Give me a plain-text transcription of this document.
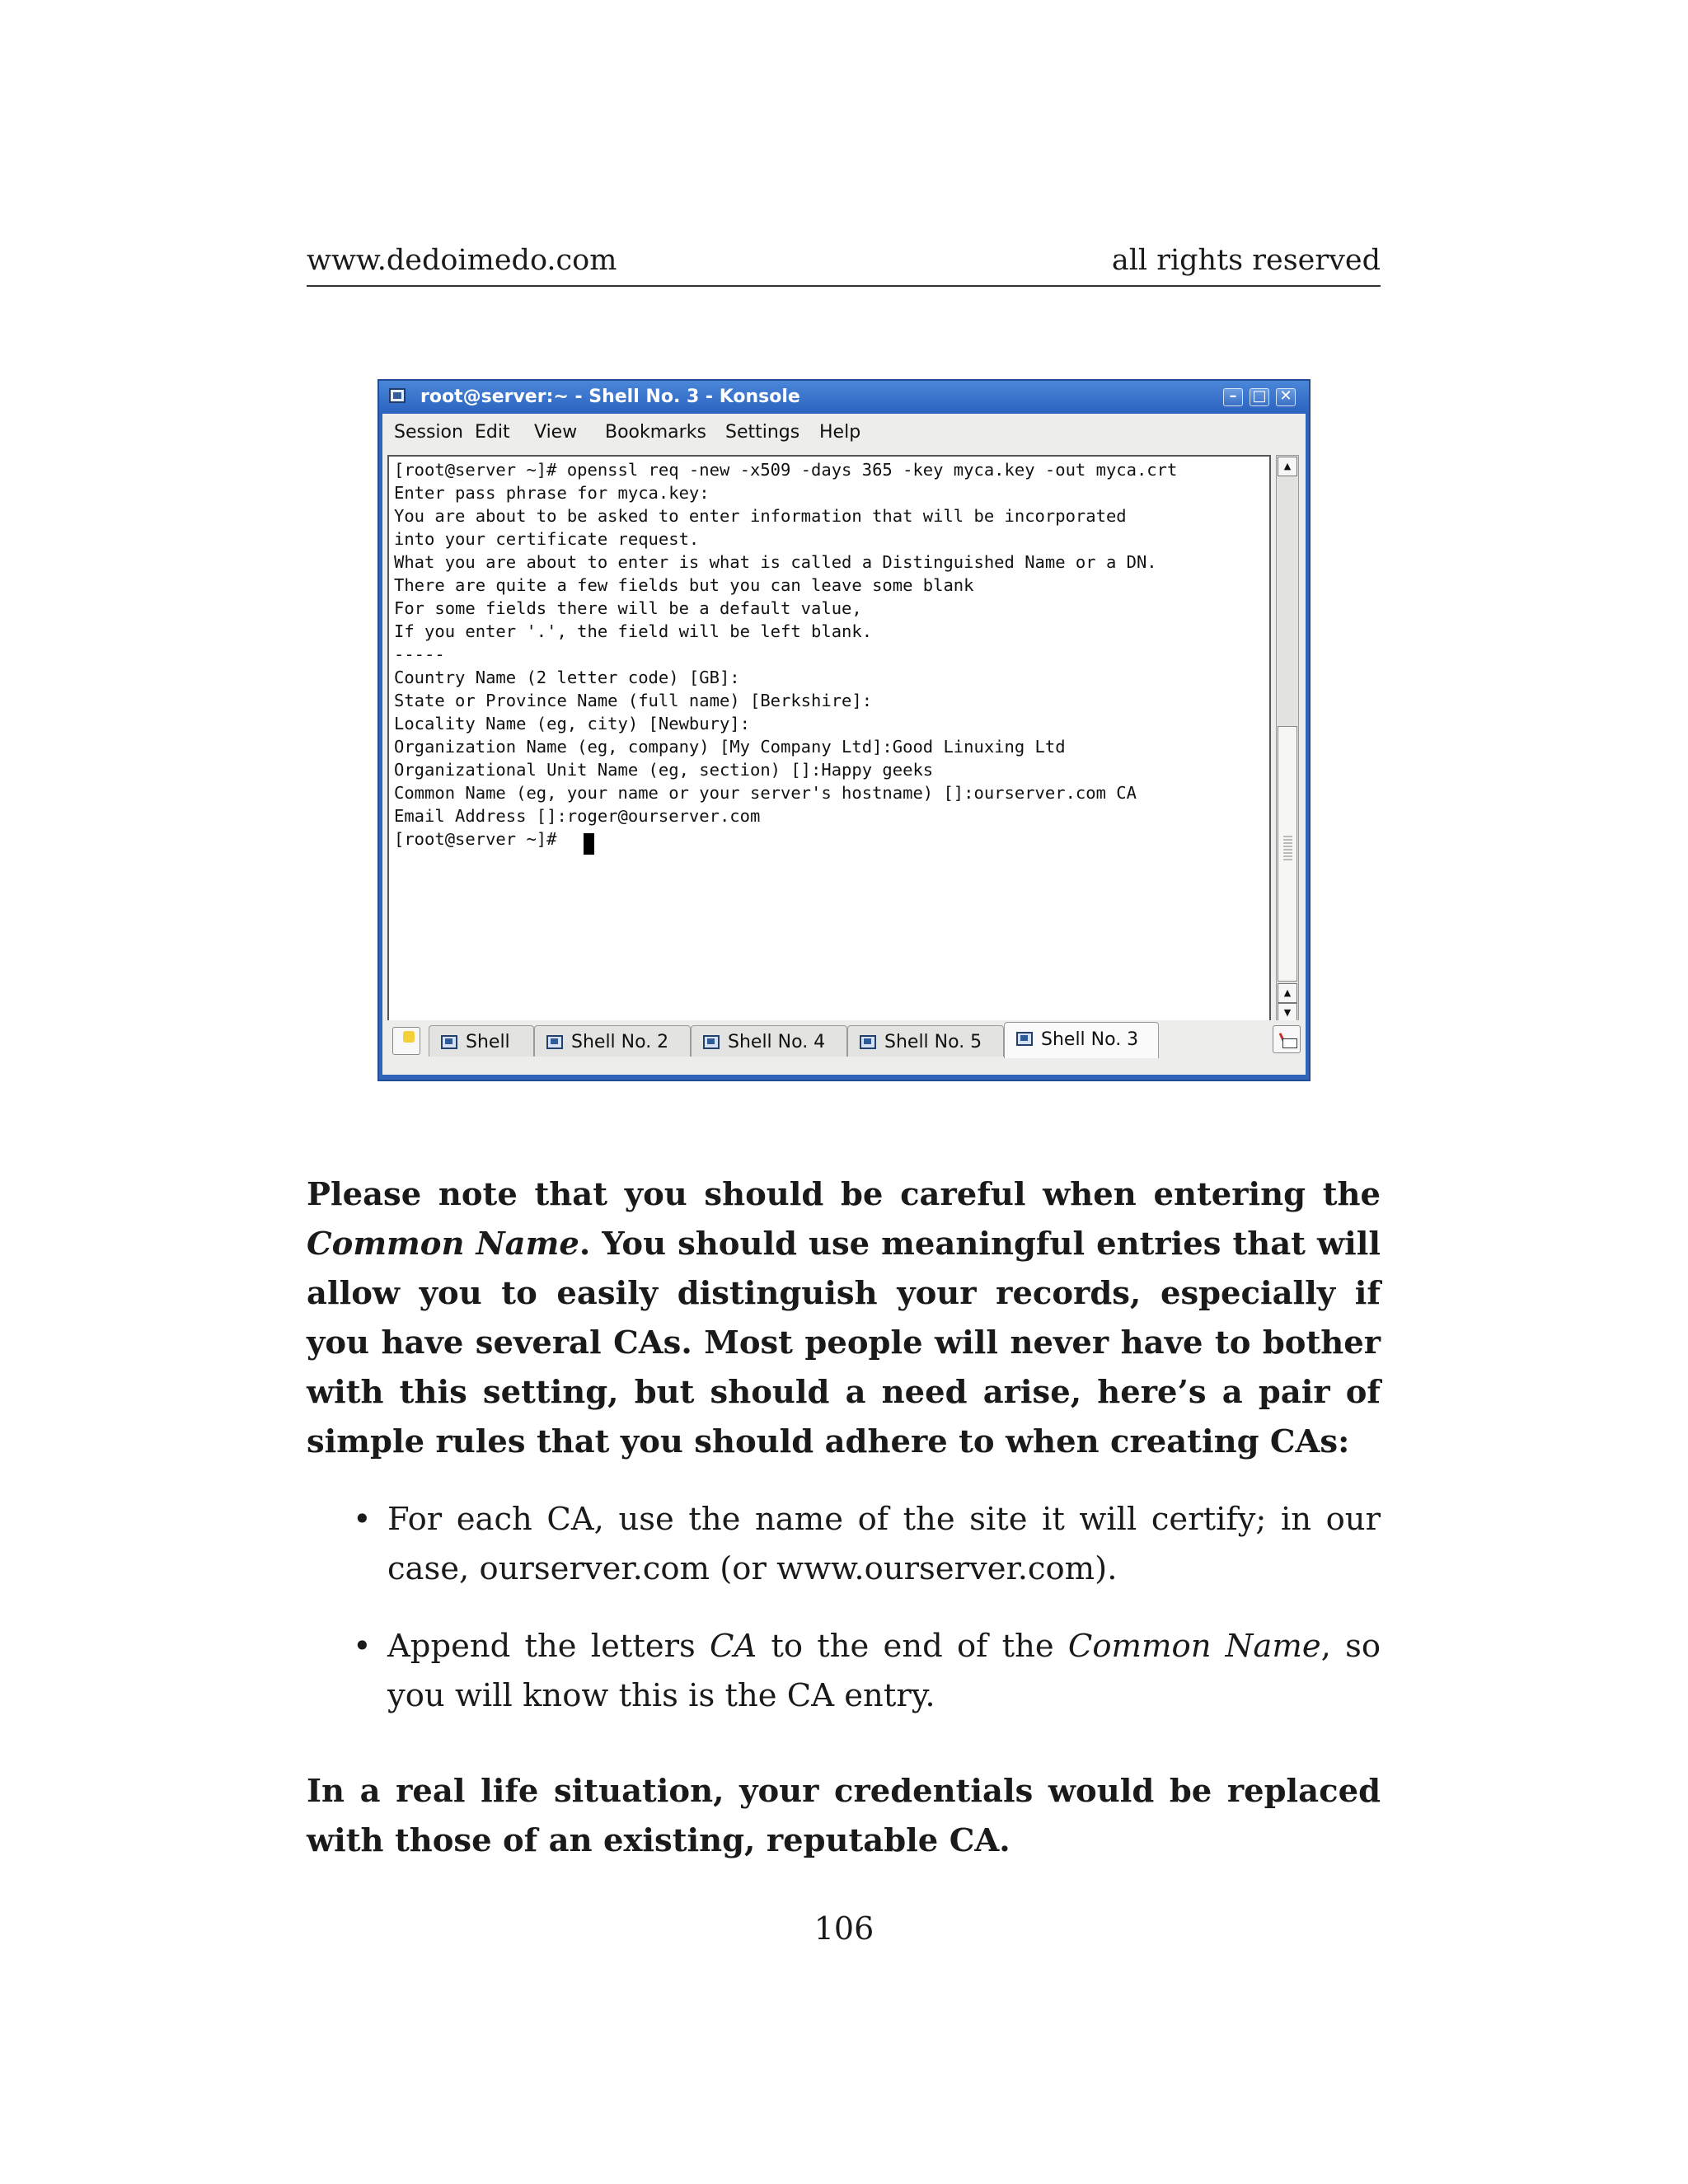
www.dedoimedo.com	all rights reserved
root@server:~ - Shell No. 3 - Konsole	–	□ ✕
Session Edit View Bookmarks Settings Help
[root@server ~]# openssl req -new -x509 -days 365 -key myca.key -out myca.crt
Enter pass phrase for myca.key:
You are about to be asked to enter information that will be incorporated
into your certificate request.
What you are about to enter is what is called a Distinguished Name or a DN.
There are quite a few fields but you can leave some blank
For some fields there will be a default value,
If you enter '.', the field will be left blank.
-----
Country Name (2 letter code) [GB]:
State or Province Name (full name) [Berkshire]:
Locality Name (eg, city) [Newbury]:
Organization Name (eg, company) [My Company Ltd]:Good Linuxing Ltd
Organizational Unit Name (eg, section) []:Happy geeks
Common Name (eg, your name or your server's hostname) []:ourserver.com CA
Email Address []:roger@ourserver.com
[root@server ~]#
▲
▲
▼
Shell	Shell No. 2	Shell No. 4	Shell No. 5	Shell No. 3

Please note that you should be careful when entering the Common Name. You should use meaningful entries that will allow you to easily distinguish your records, especially if you have several CAs. Most people will never have to bother with this setting, but should a need arise, here’s a pair of simple rules that you should adhere to when creating CAs:

• For each CA, use the name of the site it will certify; in our case, ourserver.com (or www.ourserver.com).
• Append the letters CA to the end of the Common Name, so you will know this is the CA entry.

In a real life situation, your credentials would be replaced with those of an existing, reputable CA.

106
